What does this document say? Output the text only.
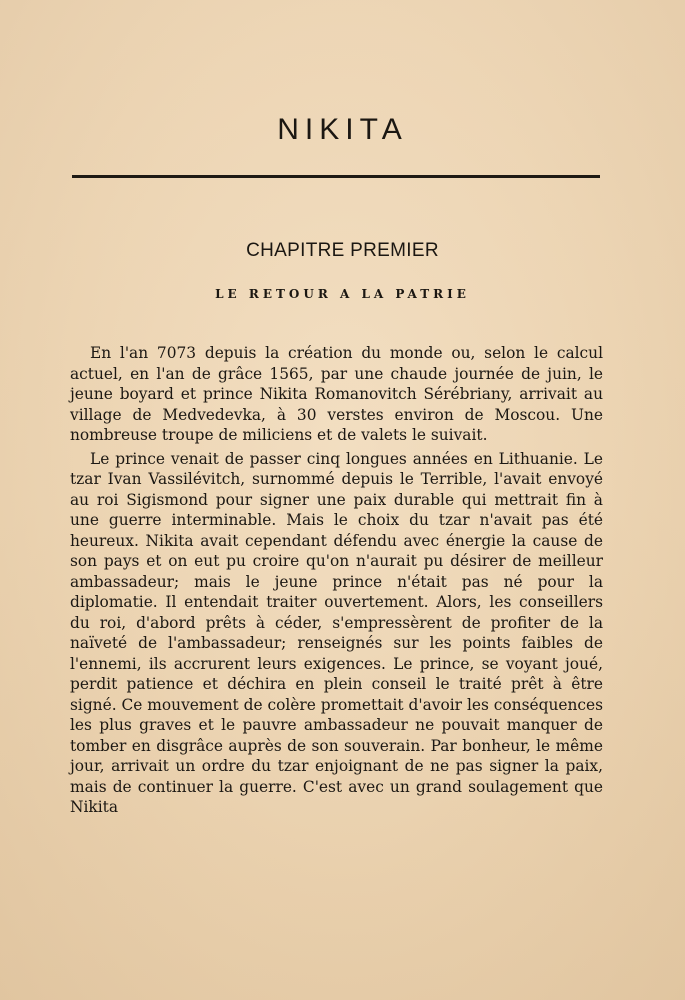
NIKITA
CHAPITRE PREMIER
LE RETOUR A LA PATRIE

En l'an 7073 depuis la création du monde ou, selon le calcul actuel, en l'an de grâce 1565, par une chaude journée de juin, le jeune boyard et prince Nikita Romanovitch Sérébriany, arrivait au village de Medvedevka, à 30 verstes environ de Moscou. Une nombreuse troupe de miliciens et de valets le suivait.

Le prince venait de passer cinq longues années en Lithuanie. Le tzar Ivan Vassilévitch, surnommé depuis le Terrible, l'avait envoyé au roi Sigismond pour signer une paix durable qui mettrait fin à une guerre interminable. Mais le choix du tzar n'avait pas été heureux. Nikita avait cependant défendu avec énergie la cause de son pays et on eut pu croire qu'on n'aurait pu désirer de meilleur ambassadeur; mais le jeune prince n'était pas né pour la diplomatie. Il entendait traiter ouvertement. Alors, les conseillers du roi, d'abord prêts à céder, s'empressèrent de profiter de la naïveté de l'ambassadeur; renseignés sur les points faibles de l'ennemi, ils accrurent leurs exigences. Le prince, se voyant joué, perdit patience et déchira en plein conseil le traité prêt à être signé. Ce mouvement de colère promettait d'avoir les conséquences les plus graves et le pauvre ambassadeur ne pouvait manquer de tomber en disgrâce auprès de son souverain. Par bonheur, le même jour, arrivait un ordre du tzar enjoignant de ne pas signer la paix, mais de continuer la guerre. C'est avec un grand soulagement que Nikita
